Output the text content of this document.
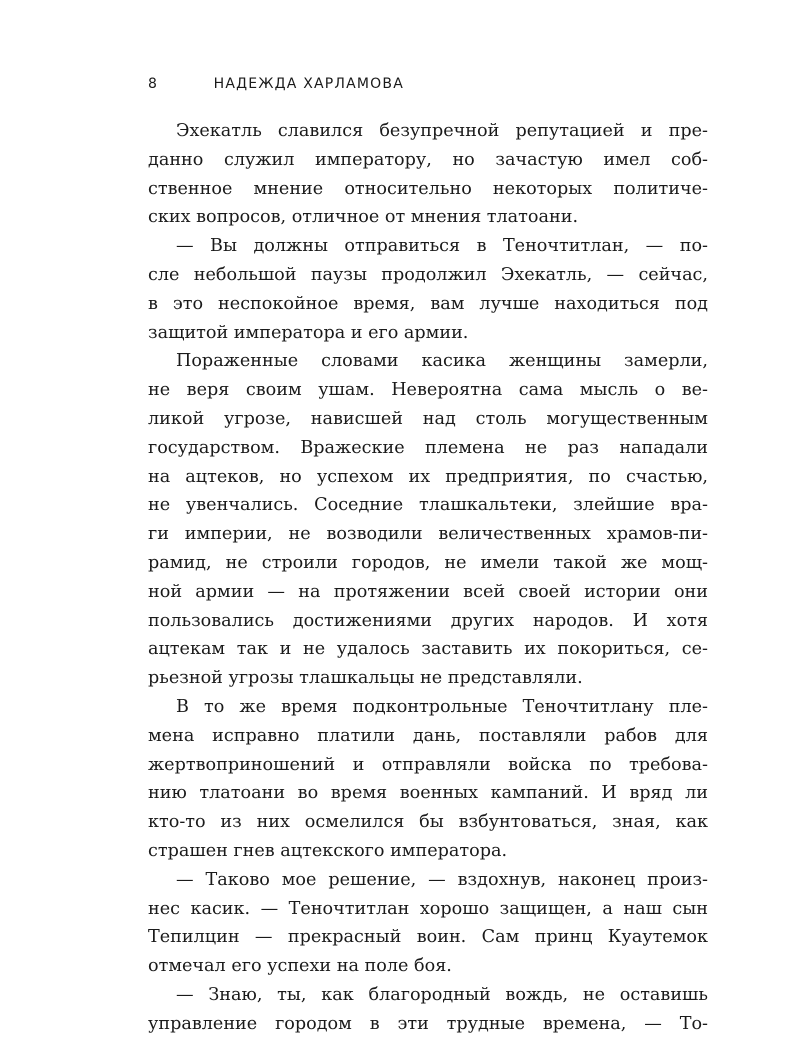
8	НАДЕЖДА ХАРЛАМОВА
Эхекатль славился безупречной репутацией и пре-
данно служил императору, но зачастую имел соб-
ственное мнение относительно некоторых политиче-
ских вопросов, отличное от мнения тлатоани.
— Вы должны отправиться в Теночтитлан, — по-
сле небольшой паузы продолжил Эхекатль, — сейчас,
в это неспокойное время, вам лучше находиться под
защитой императора и его армии.
Пораженные словами касика женщины замерли,
не веря своим ушам. Невероятна сама мысль о ве-
ликой угрозе, нависшей над столь могущественным
государством. Вражеские племена не раз нападали
на ацтеков, но успехом их предприятия, по счастью,
не увенчались. Соседние тлашкальтеки, злейшие вра-
ги империи, не возводили величественных храмов-пи-
рамид, не строили городов, не имели такой же мощ-
ной армии — на протяжении всей своей истории они
пользовались достижениями других народов. И хотя
ацтекам так и не удалось заставить их покориться, се-
рьезной угрозы тлашкальцы не представляли.
В то же время подконтрольные Теночтитлану пле-
мена исправно платили дань, поставляли рабов для
жертвоприношений и отправляли войска по требова-
нию тлатоани во время военных кампаний. И вряд ли
кто-то из них осмелился бы взбунтоваться, зная, как
страшен гнев ацтекского императора.
— Таково мое решение, — вздохнув, наконец произ-
нес касик. — Теночтитлан хорошо защищен, а наш сын
Тепилцин — прекрасный воин. Сам принц Куаутемок
отмечал его успехи на поле боя.
— Знаю, ты, как благородный вождь, не оставишь
управление городом в эти трудные времена, — То-
